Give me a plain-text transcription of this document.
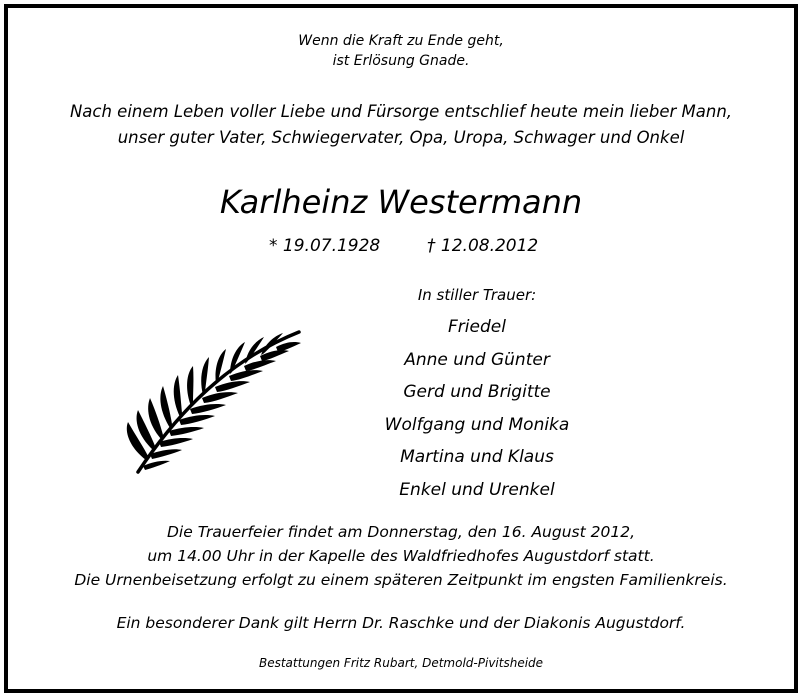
Wenn die Kraft zu Ende geht,
ist Erlösung Gnade.
Nach einem Leben voller Liebe und Fürsorge entschlief heute mein lieber Mann,
unser guter Vater, Schwiegervater, Opa, Uropa, Schwager und Onkel
Karlheinz Westermann
* 19.07.1928	† 12.08.2012
In stiller Trauer:
Friedel
Anne und Günter
Gerd und Brigitte
Wolfgang und Monika
Martina und Klaus
Enkel und Urenkel
Die Trauerfeier findet am Donnerstag, den 16. August 2012,
um 14.00 Uhr in der Kapelle des Waldfriedhofes Augustdorf statt.
Die Urnenbeisetzung erfolgt zu einem späteren Zeitpunkt im engsten Familienkreis.
Ein besonderer Dank gilt Herrn Dr. Raschke und der Diakonis Augustdorf.
Bestattungen Fritz Rubart, Detmold-Pivitsheide
